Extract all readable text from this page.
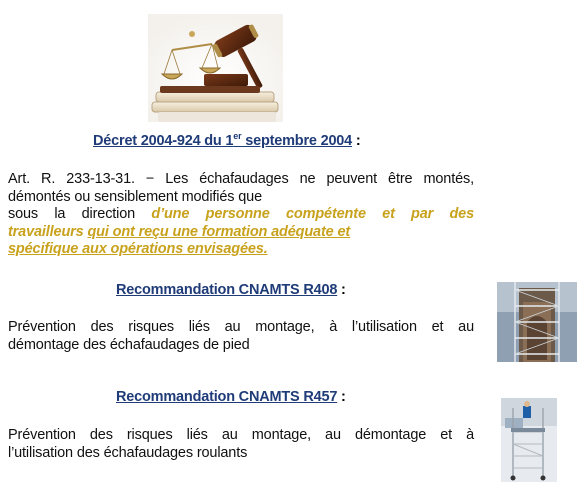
Décret 2004-924 du 1er septembre 2004 :
Art. R. 233-13-31. − Les échafaudages ne peuvent être montés,
démontés ou sensiblement modifiés que
sous la direction d’une personne compétente et par des
travailleurs qui ont reçu une formation adéquate et
spécifique aux opérations envisagées.
Recommandation CNAMTS R408 :
Prévention des risques liés au montage, à l’utilisation et au
démontage des échafaudages de pied
Recommandation CNAMTS R457 :
Prévention des risques liés au montage, au démontage et à
l’utilisation des échafaudages roulants
